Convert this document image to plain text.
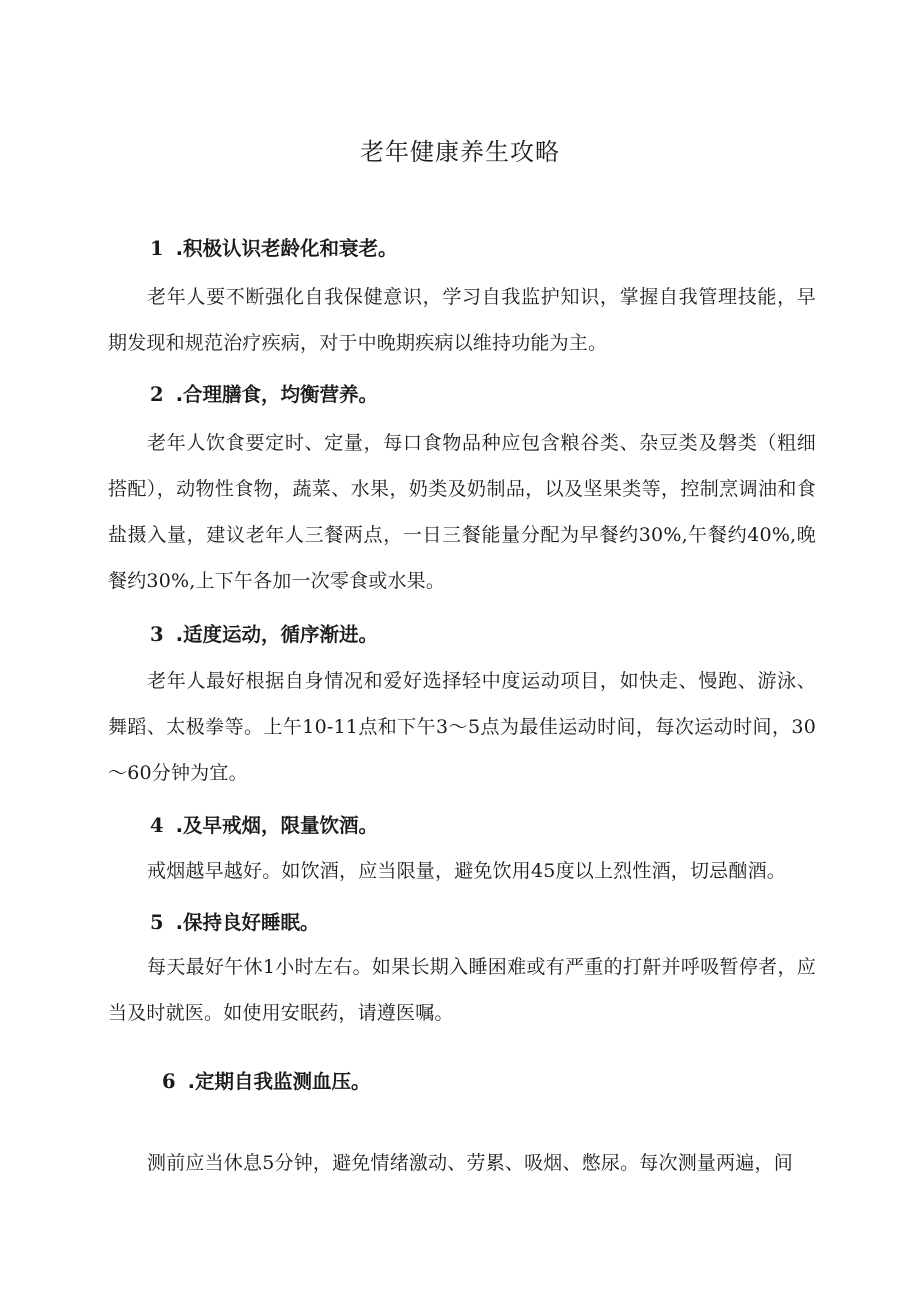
老年健康养生攻略
1 .积极认识老龄化和衰老。
老年人要不断强化自我保健意识，学习自我监护知识，掌握自我管理技能，早期发现和规范治疗疾病，对于中晚期疾病以维持功能为主。
2 .合理膳食，均衡营养。
老年人饮食要定时、定量，每口食物品种应包含粮谷类、杂豆类及磐类（粗细搭配），动物性食物，蔬菜、水果，奶类及奶制品，以及坚果类等，控制烹调油和食盐摄入量，建议老年人三餐两点，一日三餐能量分配为早餐约30%,午餐约40%,晚餐约30%,上下午各加一次零食或水果。
3 .适度运动，循序渐进。
老年人最好根据自身情况和爱好选择轻中度运动项目，如快走、慢跑、游泳、舞蹈、太极拳等。上午10-11点和下午3～5点为最佳运动时间，每次运动时间，30～60分钟为宜。
4 .及早戒烟，限量饮酒。
戒烟越早越好。如饮酒，应当限量，避免饮用45度以上烈性酒，切忌酗酒。
5 .保持良好睡眠。
每天最好午休1小时左右。如果长期入睡困难或有严重的打鼾并呼吸暂停者，应当及时就医。如使用安眠药，请遵医嘱。
6 .定期自我监测血压。
测前应当休息5分钟，避免情绪激动、劳累、吸烟、憋尿。每次测量两遍，间
